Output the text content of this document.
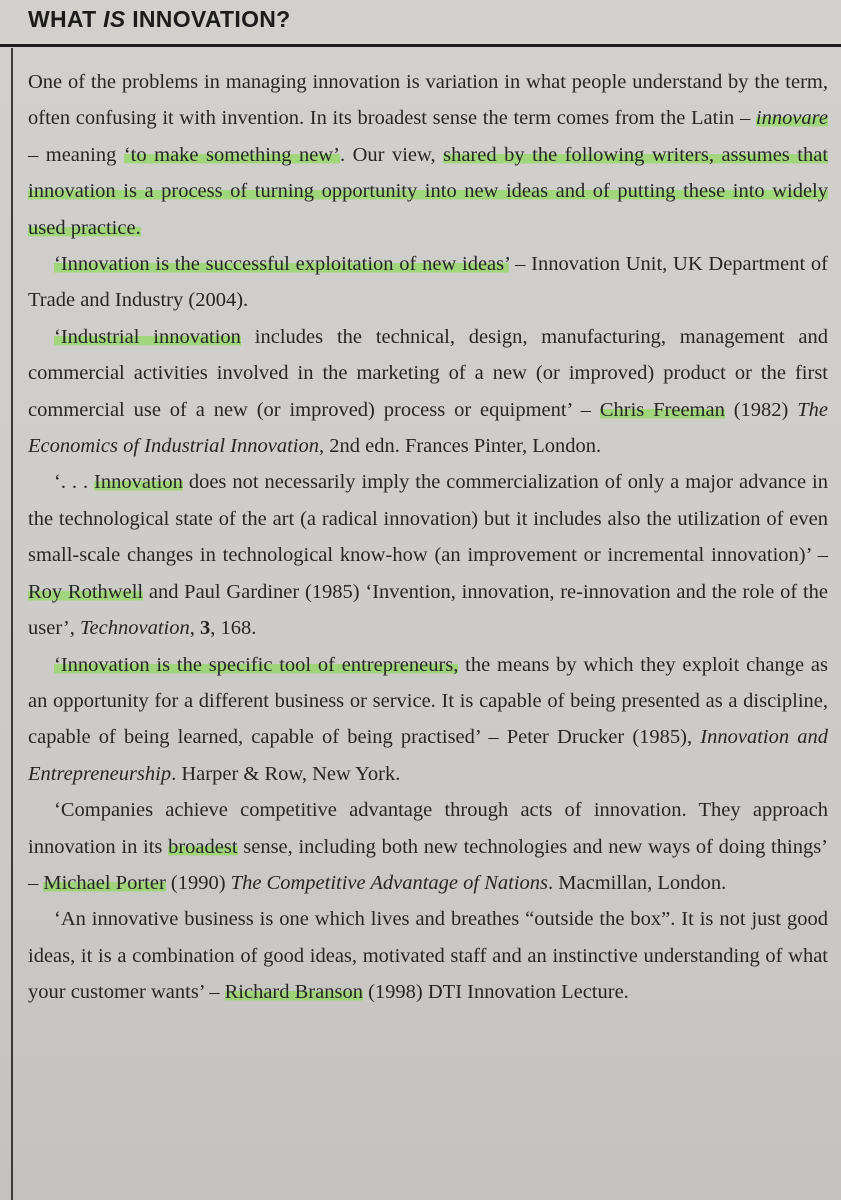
WHAT IS INNOVATION?

One of the problems in managing innovation is variation in what people understand by the term, often confusing it with invention. In its broadest sense the term comes from the Latin – innovare – meaning ‘to make something new’. Our view, shared by the following writers, assumes that innovation is a process of turning opportunity into new ideas and of putting these into widely used practice.

‘Innovation is the successful exploitation of new ideas’ – Innovation Unit, UK Department of Trade and Industry (2004).

‘Industrial innovation includes the technical, design, manufacturing, management and commercial activities involved in the marketing of a new (or improved) product or the first commercial use of a new (or improved) process or equipment’ – Chris Freeman (1982) The Economics of Industrial Innovation, 2nd edn. Frances Pinter, London.

‘. . . Innovation does not necessarily imply the commercialization of only a major advance in the technological state of the art (a radical innovation) but it includes also the utilization of even small-scale changes in technological know-how (an improvement or incremental innovation)’ – Roy Rothwell and Paul Gardiner (1985) ‘Invention, innovation, re-innovation and the role of the user’, Technovation, 3, 168.

‘Innovation is the specific tool of entrepreneurs, the means by which they exploit change as an opportunity for a different business or service. It is capable of being presented as a discipline, capable of being learned, capable of being practised’ – Peter Drucker (1985), Innovation and Entrepreneurship. Harper & Row, New York.

‘Companies achieve competitive advantage through acts of innovation. They approach innovation in its broadest sense, including both new technologies and new ways of doing things’ – Michael Porter (1990) The Competitive Advantage of Nations. Macmillan, London.

‘An innovative business is one which lives and breathes “outside the box”. It is not just good ideas, it is a combination of good ideas, motivated staff and an instinctive understanding of what your customer wants’ – Richard Branson (1998) DTI Innovation Lecture.
